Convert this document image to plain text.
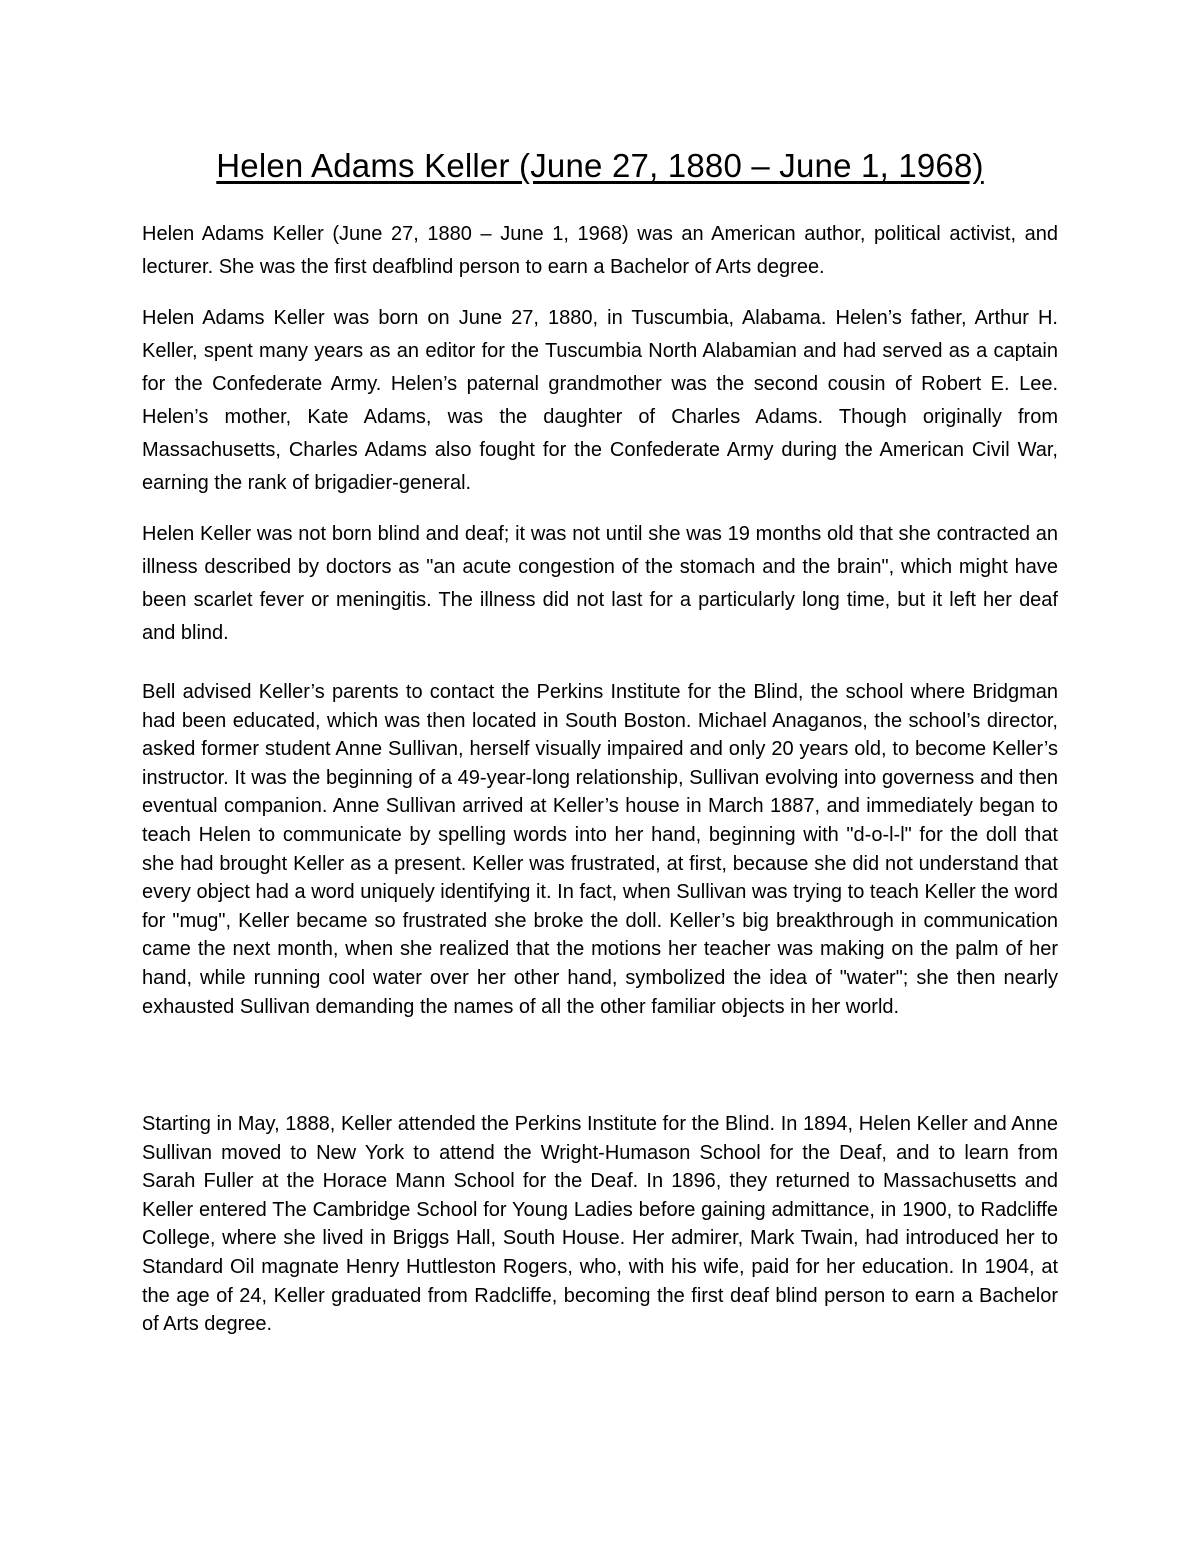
Helen Adams Keller (June 27, 1880 – June 1, 1968)

Helen Adams Keller (June 27, 1880 – June 1, 1968) was an American author, political activist, and lecturer. She was the first deafblind person to earn a Bachelor of Arts degree.

Helen Adams Keller was born on June 27, 1880, in Tuscumbia, Alabama. Helen’s father, Arthur H. Keller, spent many years as an editor for the Tuscumbia North Alabamian and had served as a captain for the Confederate Army. Helen’s paternal grandmother was the second cousin of Robert E. Lee. Helen’s mother, Kate Adams, was the daughter of Charles Adams. Though originally from Massachusetts, Charles Adams also fought for the Confederate Army during the American Civil War, earning the rank of brigadier-general.

Helen Keller was not born blind and deaf; it was not until she was 19 months old that she contracted an illness described by doctors as "an acute congestion of the stomach and the brain", which might have been scarlet fever or meningitis. The illness did not last for a particularly long time, but it left her deaf and blind.

Bell advised Keller’s parents to contact the Perkins Institute for the Blind, the school where Bridgman had been educated, which was then located in South Boston. Michael Anaganos, the school’s director, asked former student Anne Sullivan, herself visually impaired and only 20 years old, to become Keller’s instructor. It was the beginning of a 49-year-long relationship, Sullivan evolving into governess and then eventual companion. Anne Sullivan arrived at Keller’s house in March 1887, and immediately began to teach Helen to communicate by spelling words into her hand, beginning with "d-o-l-l" for the doll that she had brought Keller as a present. Keller was frustrated, at first, because she did not understand that every object had a word uniquely identifying it. In fact, when Sullivan was trying to teach Keller the word for "mug", Keller became so frustrated she broke the doll. Keller’s big breakthrough in communication came the next month, when she realized that the motions her teacher was making on the palm of her hand, while running cool water over her other hand, symbolized the idea of "water"; she then nearly exhausted Sullivan demanding the names of all the other familiar objects in her world.

Starting in May, 1888, Keller attended the Perkins Institute for the Blind. In 1894, Helen Keller and Anne Sullivan moved to New York to attend the Wright-Humason School for the Deaf, and to learn from Sarah Fuller at the Horace Mann School for the Deaf. In 1896, they returned to Massachusetts and Keller entered The Cambridge School for Young Ladies before gaining admittance, in 1900, to Radcliffe College, where she lived in Briggs Hall, South House. Her admirer, Mark Twain, had introduced her to Standard Oil magnate Henry Huttleston Rogers, who, with his wife, paid for her education. In 1904, at the age of 24, Keller graduated from Radcliffe, becoming the first deaf blind person to earn a Bachelor of Arts degree.
